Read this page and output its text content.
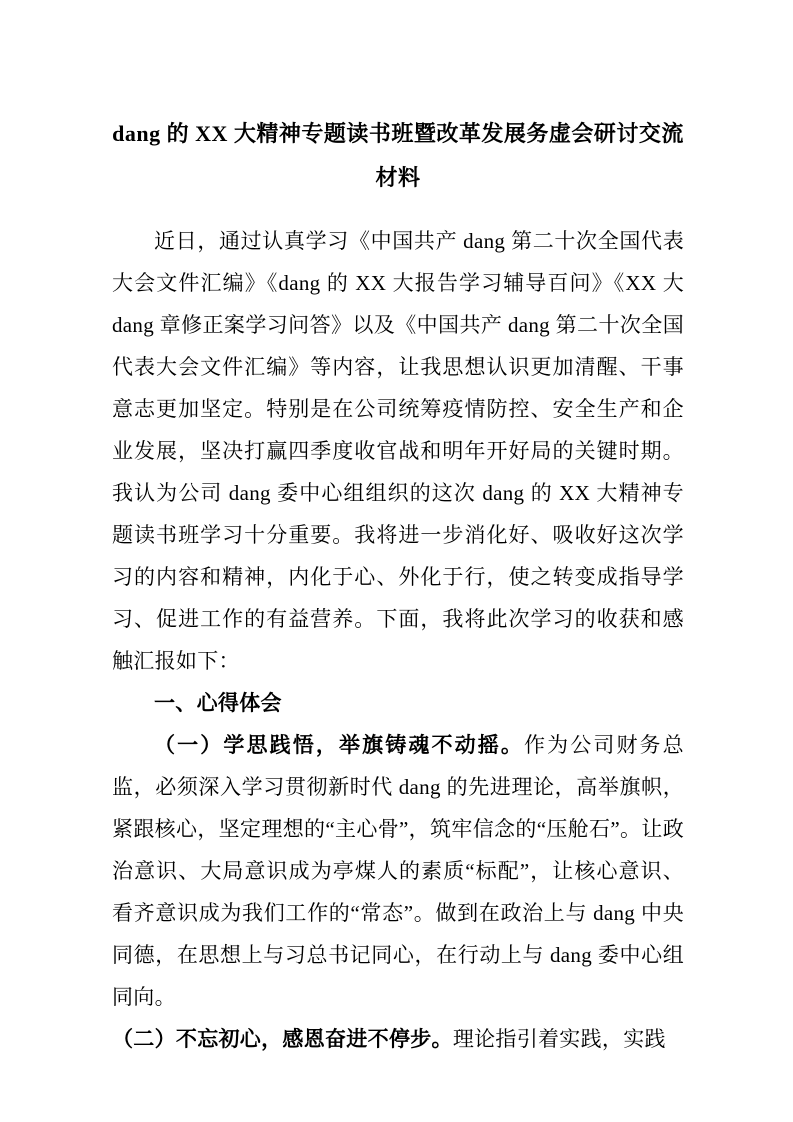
dang 的 XX 大精神专题读书班暨改革发展务虚会研讨交流材料

近日，通过认真学习《中国共产 dang 第二十次全国代表大会文件汇编》《dang 的 XX 大报告学习辅导百问》《XX 大 dang 章修正案学习问答》以及《中国共产 dang 第二十次全国代表大会文件汇编》等内容，让我思想认识更加清醒、干事意志更加坚定。特别是在公司统筹疫情防控、安全生产和企业发展，坚决打赢四季度收官战和明年开好局的关键时期。我认为公司 dang 委中心组组织的这次 dang 的 XX 大精神专题读书班学习十分重要。我将进一步消化好、吸收好这次学习的内容和精神，内化于心、外化于行，使之转变成指导学习、促进工作的有益营养。下面，我将此次学习的收获和感触汇报如下：

一、心得体会

（一）学思践悟，举旗铸魂不动摇。作为公司财务总监，必须深入学习贯彻新时代 dang 的先进理论，高举旗帜，紧跟核心，坚定理想的“主心骨”，筑牢信念的“压舱石”。让政治意识、大局意识成为亭煤人的素质“标配”，让核心意识、看齐意识成为我们工作的“常态”。做到在政治上与 dang 中央同德，在思想上与习总书记同心，在行动上与 dang 委中心组同向。

（二）不忘初心，感恩奋进不停步。理论指引着实践，实践
